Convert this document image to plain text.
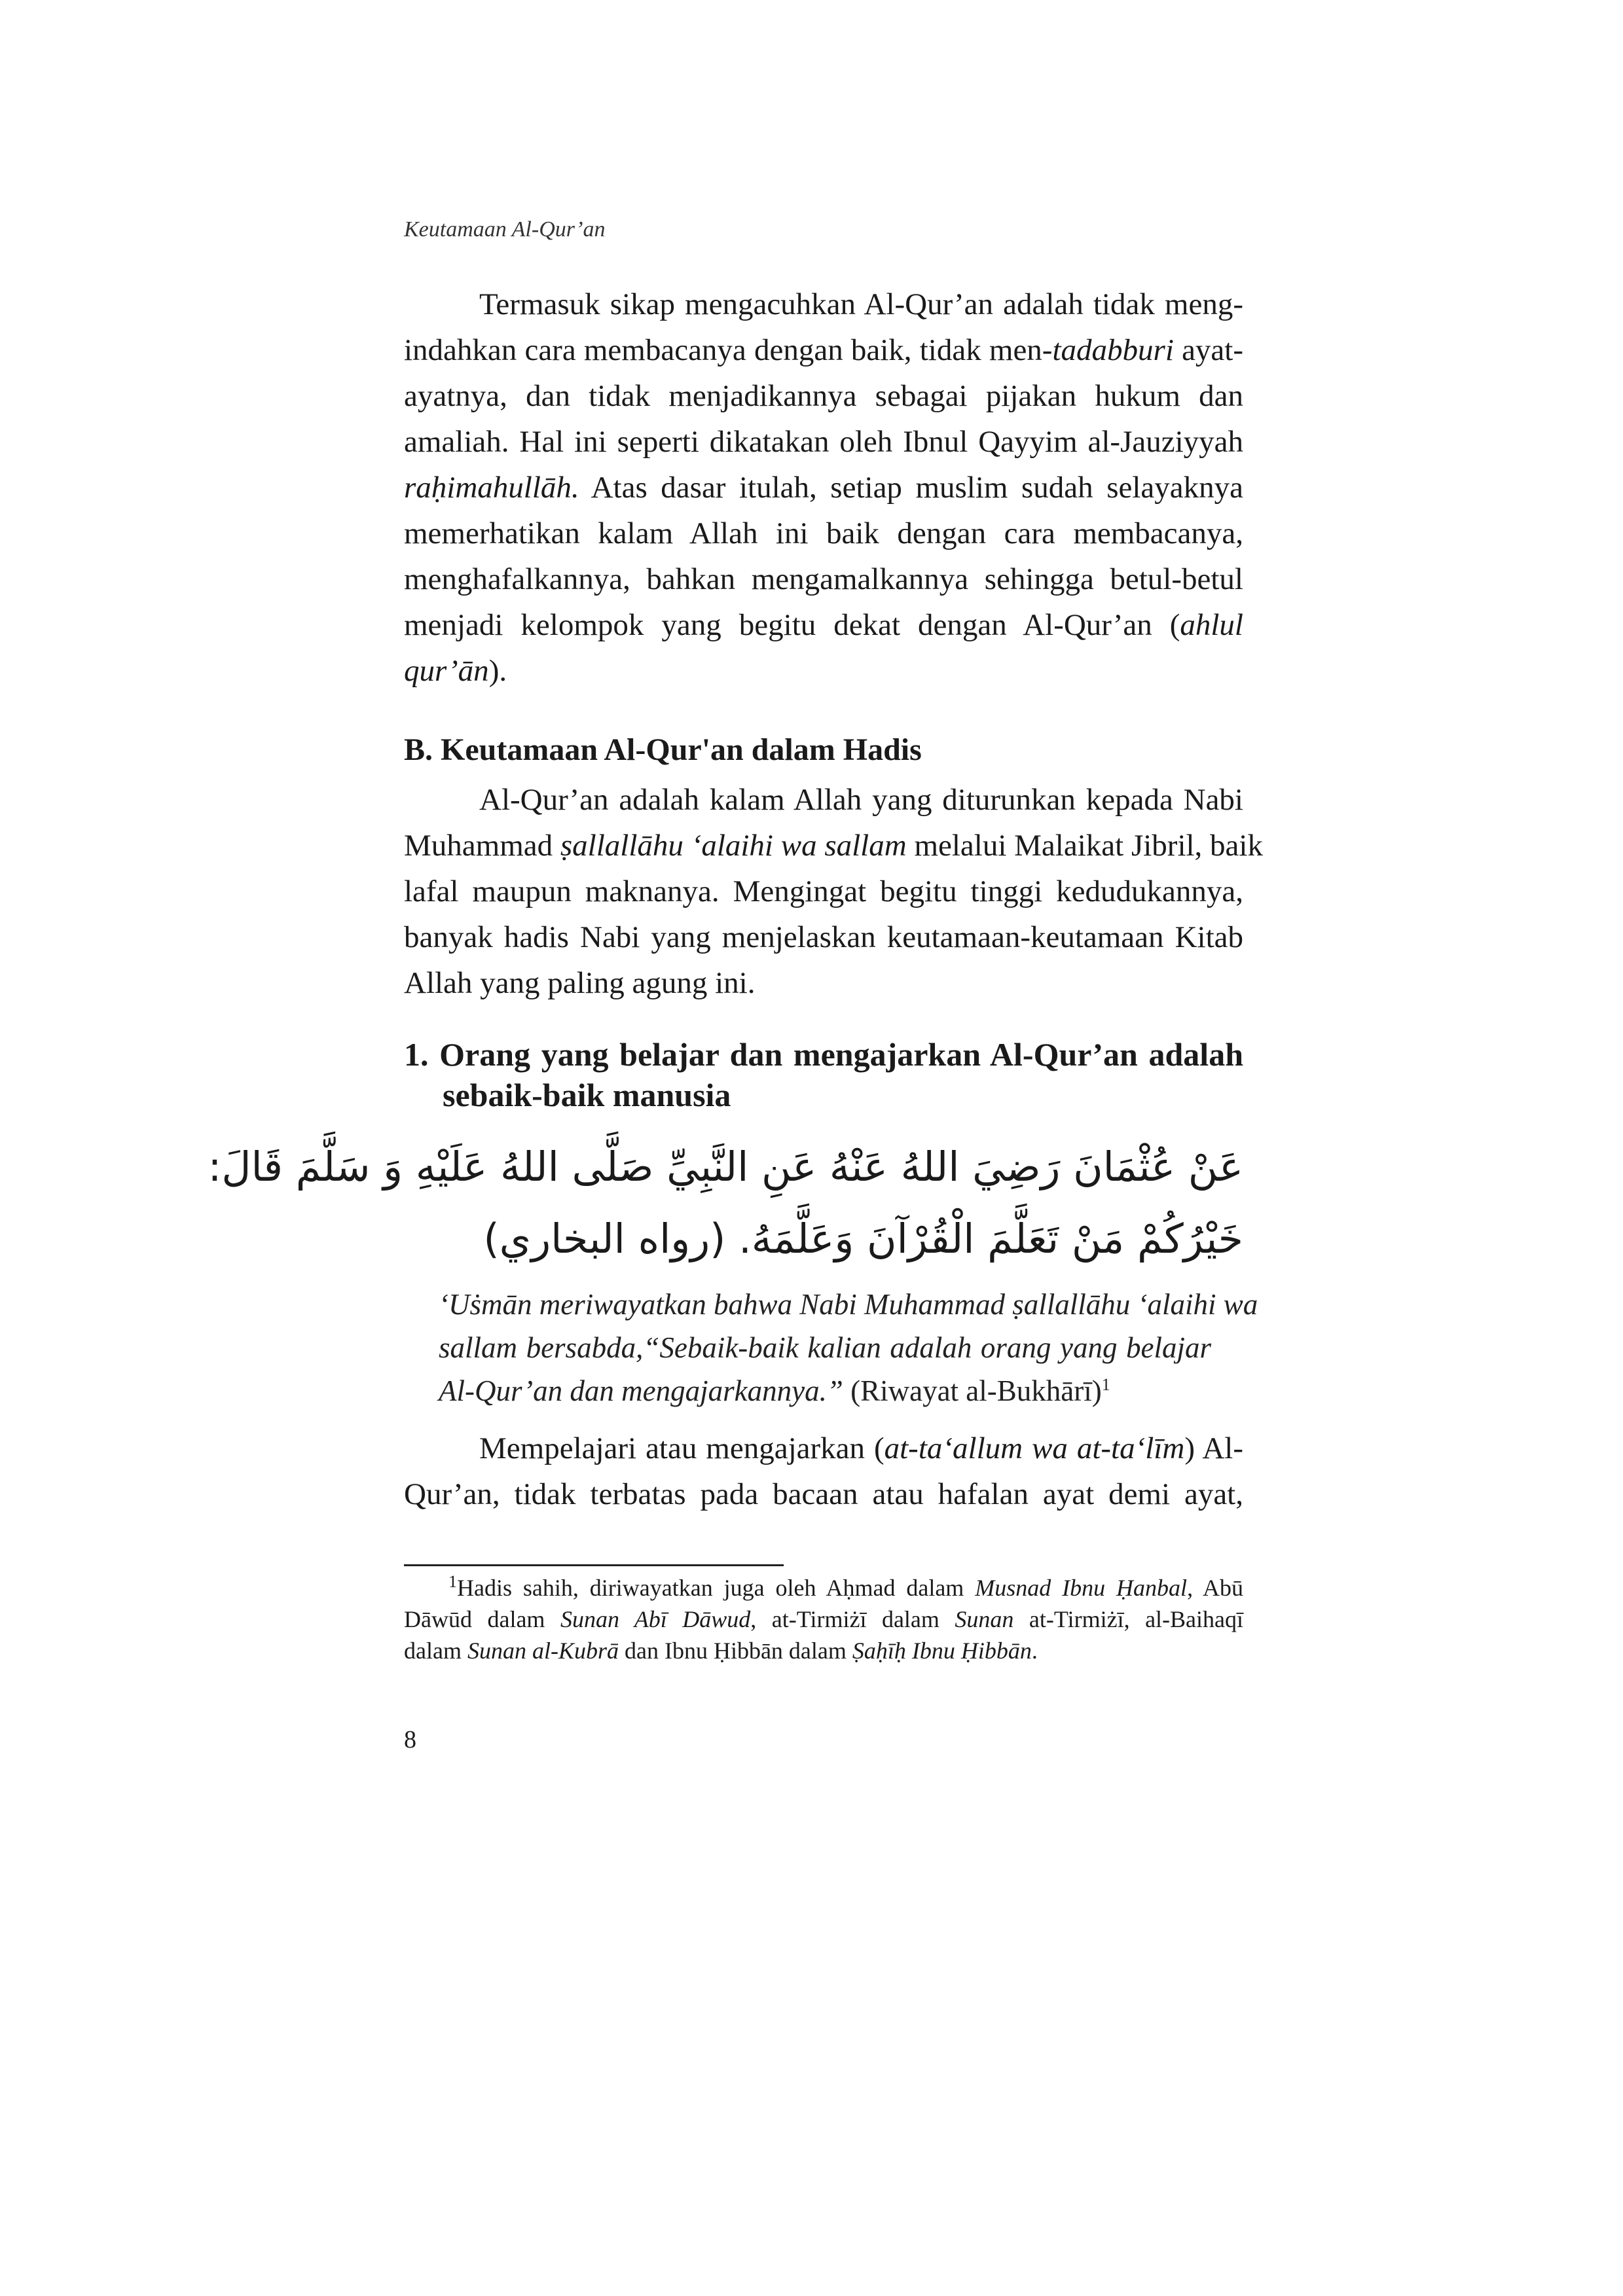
Keutamaan Al-Qur’an
Termasuk sikap mengacuhkan Al-Qur’an adalah tidak meng-
indahkan cara membacanya dengan baik, tidak men-tadabburi ayat-
ayatnya, dan tidak menjadikannya sebagai pijakan hukum dan
amaliah. Hal ini seperti dikatakan oleh Ibnul Qayyim al-Jauziyyah
raḥimahullāh. Atas dasar itulah, setiap muslim sudah selayaknya
memerhatikan kalam Allah ini baik dengan cara membacanya,
menghafalkannya, bahkan mengamalkannya sehingga betul-betul
menjadi kelompok yang begitu dekat dengan Al-Qur’an (ahlul
qur’ān).
B. Keutamaan Al-Qur'an dalam Hadis
Al-Qur’an adalah kalam Allah yang diturunkan kepada Nabi
Muhammad ṣallallāhu ‘alaihi wa sallam melalui Malaikat Jibril, baik
lafal maupun maknanya. Mengingat begitu tinggi kedudukannya,
banyak hadis Nabi yang menjelaskan keutamaan-keutamaan Kitab
Allah yang paling agung ini.
1. Orang yang belajar dan mengajarkan Al-Qur’an adalah
sebaik-baik manusia
عَنْ عُثْمَانَ رَضِيَ اللهُ عَنْهُ عَنِ النَّبِيِّ صَلَّى اللهُ عَلَيْهِ وَ سَلَّمَ قَالَ:
خَيْرُكُمْ مَنْ تَعَلَّمَ الْقُرْآنَ وَعَلَّمَهُ. (رواه البخاري)
‘Uṡmān meriwayatkan bahwa Nabi Muhammad ṣallallāhu ‘alaihi wa
sallam bersabda,“Sebaik-baik kalian adalah orang yang belajar
Al-Qur’an dan mengajarkannya.” (Riwayat al-Bukhārī)$^1$
Mempelajari atau mengajarkan (at-ta‘allum wa at-ta‘līm) Al-
Qur’an, tidak terbatas pada bacaan atau hafalan ayat demi ayat,
$^1$Hadis sahih, diriwayatkan juga oleh Aḥmad dalam Musnad Ibnu Ḥanbal, Abū
Dāwūd dalam Sunan Abī Dāwud, at-Tirmiżī dalam Sunan at-Tirmiżī, al-Baihaqī
dalam Sunan al-Kubrā dan Ibnu Ḥibbān dalam Ṣaḥīḥ Ibnu Ḥibbān.
8
